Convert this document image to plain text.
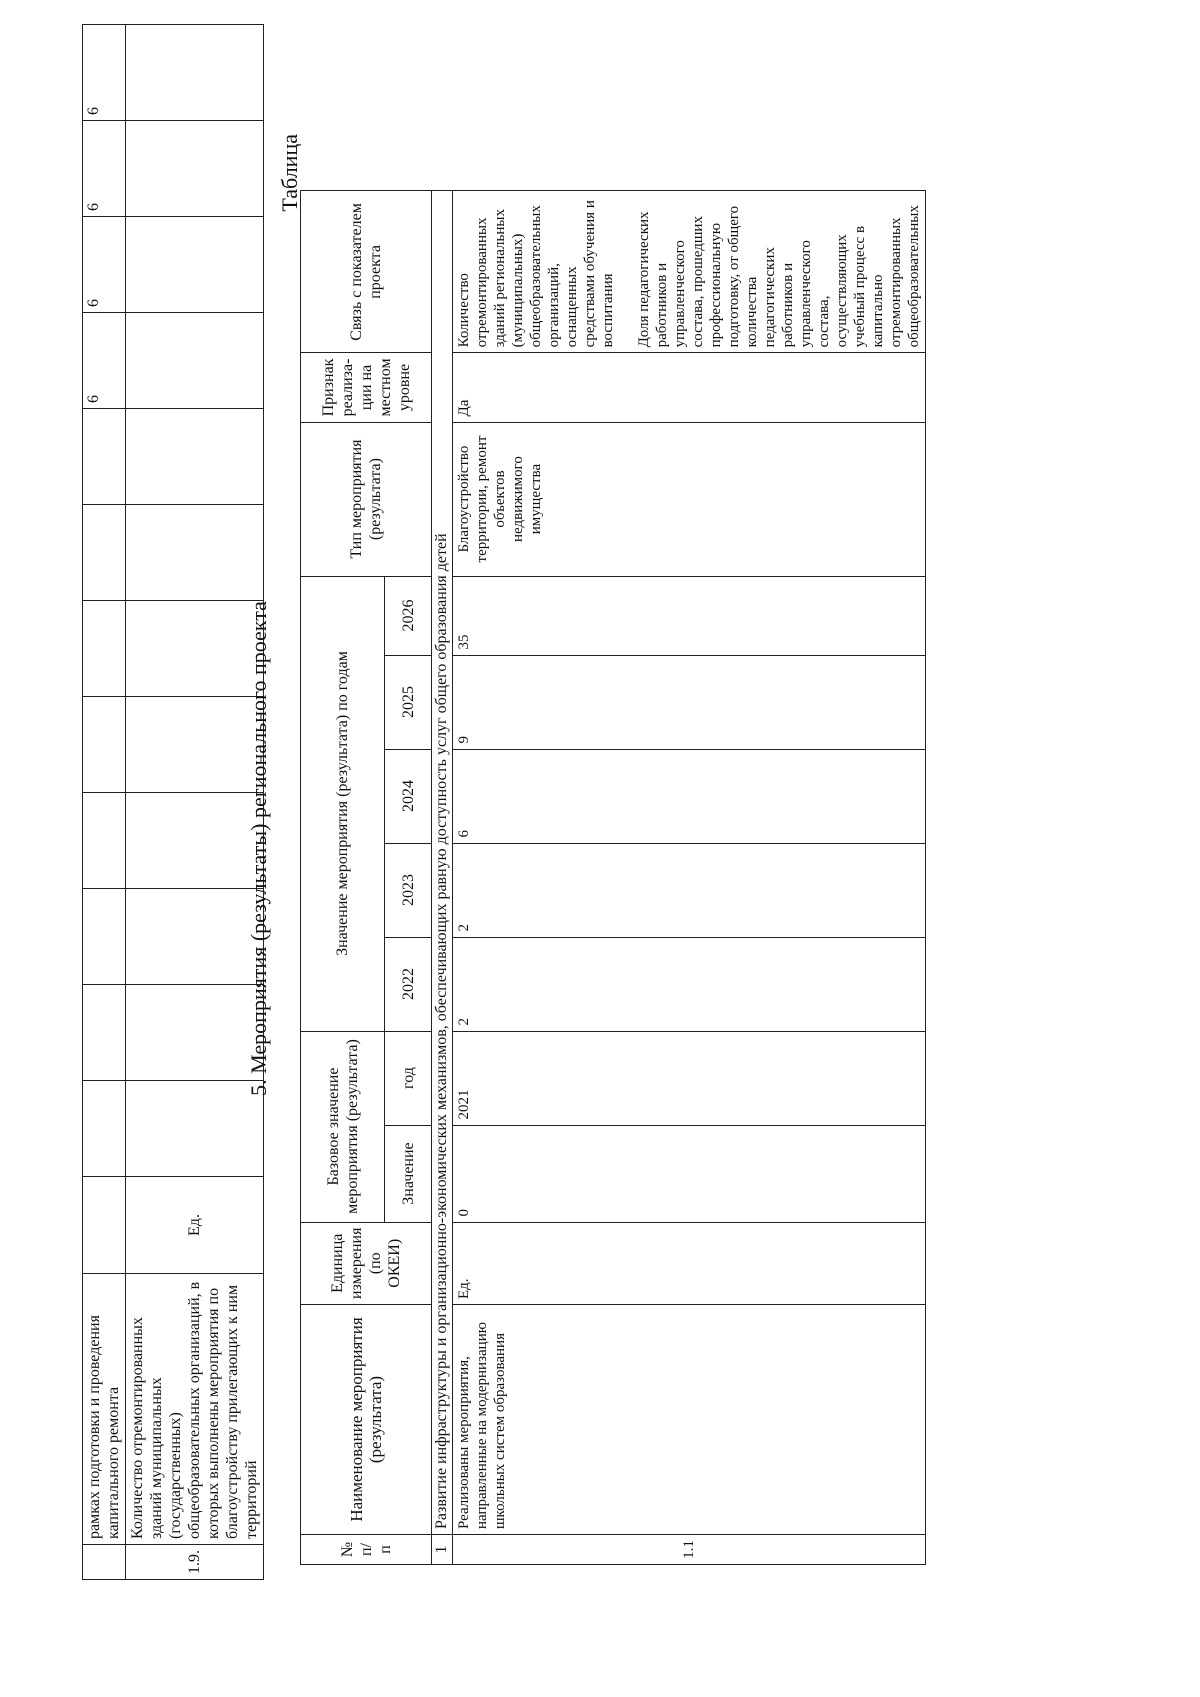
	рамках подготовки и проведения капитального ремонта										6	6	6	6
1.9.	Количество отремонтированных зданий муниципальных (государственных) общеобразовательных организаций, в которых выполнены мероприятия по благоустройству прилегающих к ним территорий	Ед.												
5. Мероприятия (результаты) регионального проекта
Таблица
№ п/п	Наименование мероприятия (результата)	Единица измерения (по ОКЕИ)	Базовое значение мероприятия (результата)		Значение мероприятия (результата) по годам					Тип мероприятия (результата)	Признак реализа-ции на местном уровне	Связь с показателем проекта
			Значение	год	2022	2023	2024	2025	2026			
1	Развитие инфраструктуры и организационно-экономических механизмов, обеспечивающих равную доступность услуг общего образования детей											
1.1	Реализованы мероприятия, направленные на модернизацию школьных систем образования	Ед.	0	2021	2	2	6	9	35	Благоустройство территории, ремонт объектов недвижимого имущества	Да	Количество отремонтированных зданий региональных (муниципальных) общеобразовательных организаций, оснащенных средствами обучения и воспитания Доля педагогических работников и управленческого состава, прошедших профессиональную подготовку, от общего количества педагогических работников и управленческого состава, осуществляющих учебный процесс в капитально отремонтированных общеобразовательных
